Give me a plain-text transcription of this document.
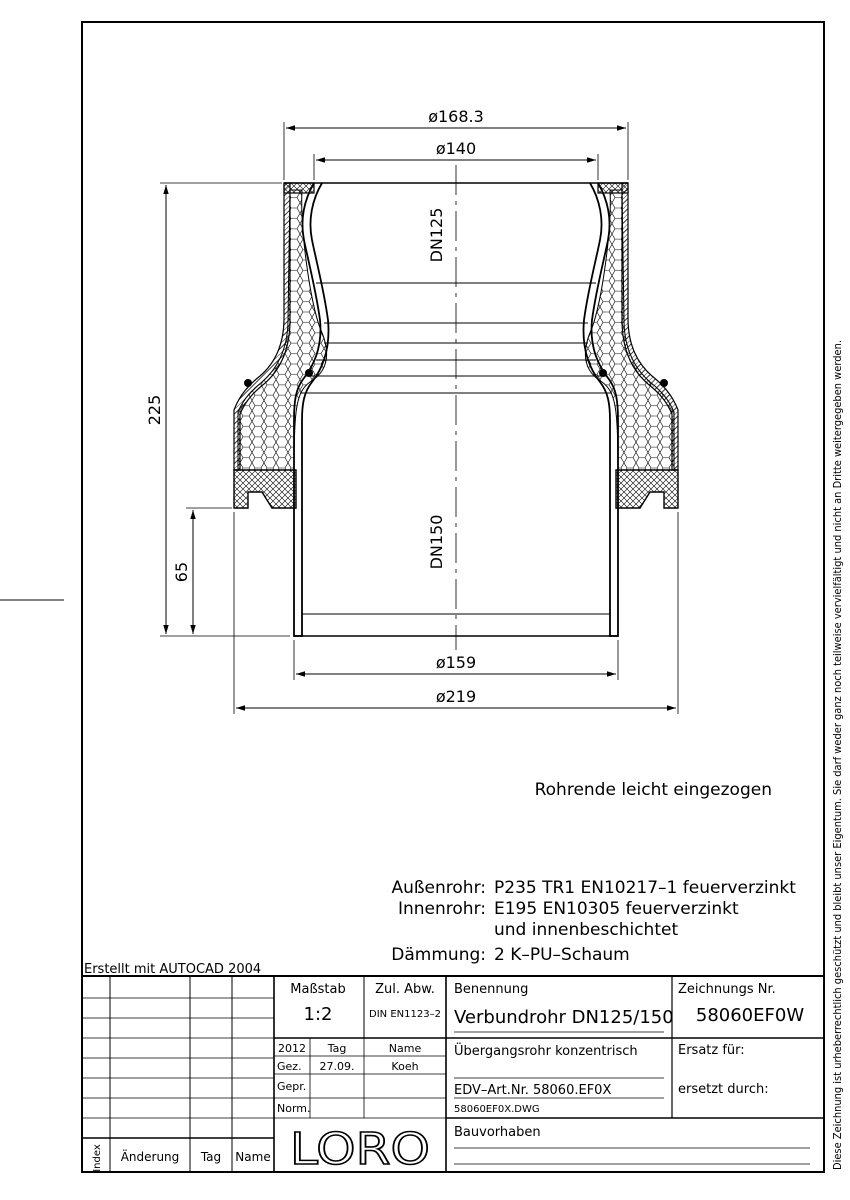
ø168.3
ø140
ø159
ø219
225
65
DN125
DN150
Rohrende leicht eingezogen
Außenrohr: P235 TR1 EN10217–1 feuerverzinkt
Innenrohr: E195 EN10305 feuerverzinkt
und innenbeschichtet
Dämmung: 2 K–PU–Schaum
Erstellt mit AUTOCAD 2004	Diese Zeichnung ist urheberrechtlich geschützt und bleibt unser Eigentum. Sie darf weder ganz noch teilweise vervielfältigt und nicht an Dritte weitergegeben werden.
Maßstab
1:2
Zul. Abw.
DIN EN1123–2
Benennung
Verbundrohr DN125/150
Übergangsrohr konzentrisch
Zeichnungs Nr.
58060EF0W
Ersatz für:
ersetzt durch:
EDV–Art.Nr. 58060.EF0X
58060EF0X.DWG
Bauvorhaben
2012 Tag	Name
Gez. 27.09.	Koeh
Gepr.
Norm.
Index Änderung Tag Name LORO
